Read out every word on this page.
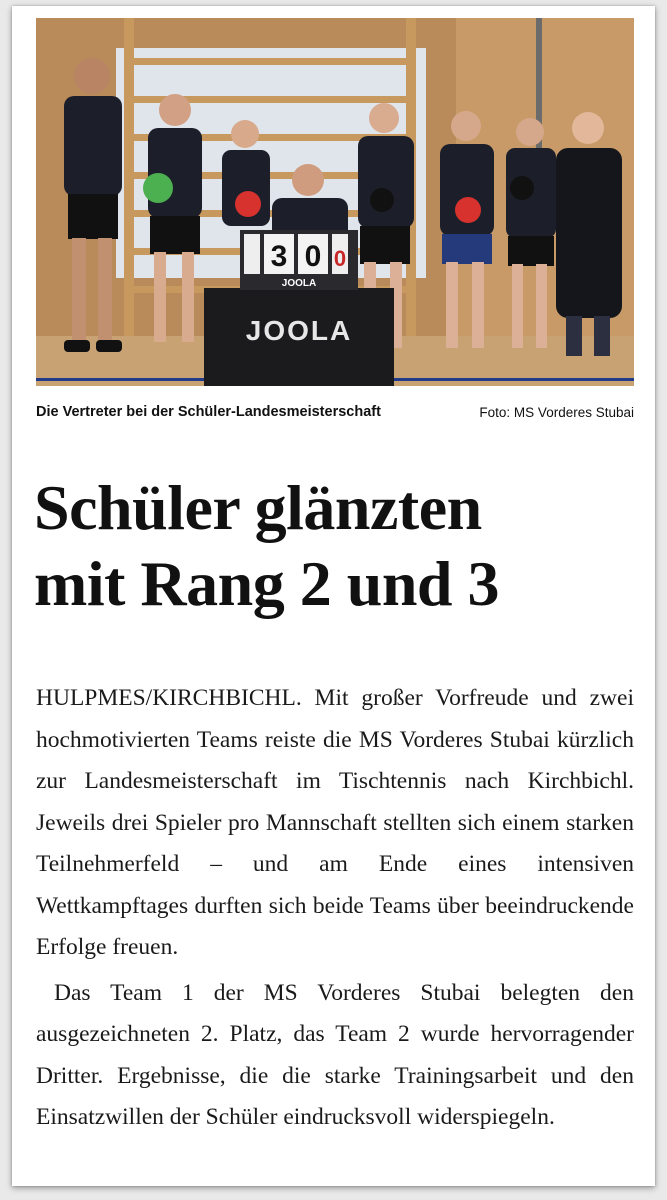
JOOLA
3 0 0
JOOLA
Die Vertreter bei der Schüler-Landesmeisterschaft	Foto: MS Vorderes Stubai
Schüler glänzten
mit Rang 2 und 3

HULPMES/KIRCHBICHL. Mit großer Vorfreude und zwei hochmotivierten Teams reiste die MS Vorderes Stubai kürzlich zur Landesmeisterschaft im Tischtennis nach Kirchbichl. Jeweils drei Spieler pro Mannschaft stellten sich einem starken Teilnehmerfeld – und am Ende eines intensiven Wettkampftages durften sich beide Teams über beeindruckende Erfolge freuen.

Das Team 1 der MS Vorderes Stubai belegten den ausgezeichneten 2. Platz, das Team 2 wurde hervorragender Dritter. Ergebnisse, die die starke Trainingsarbeit und den Einsatzwillen der Schüler eindrucksvoll widerspiegeln.
